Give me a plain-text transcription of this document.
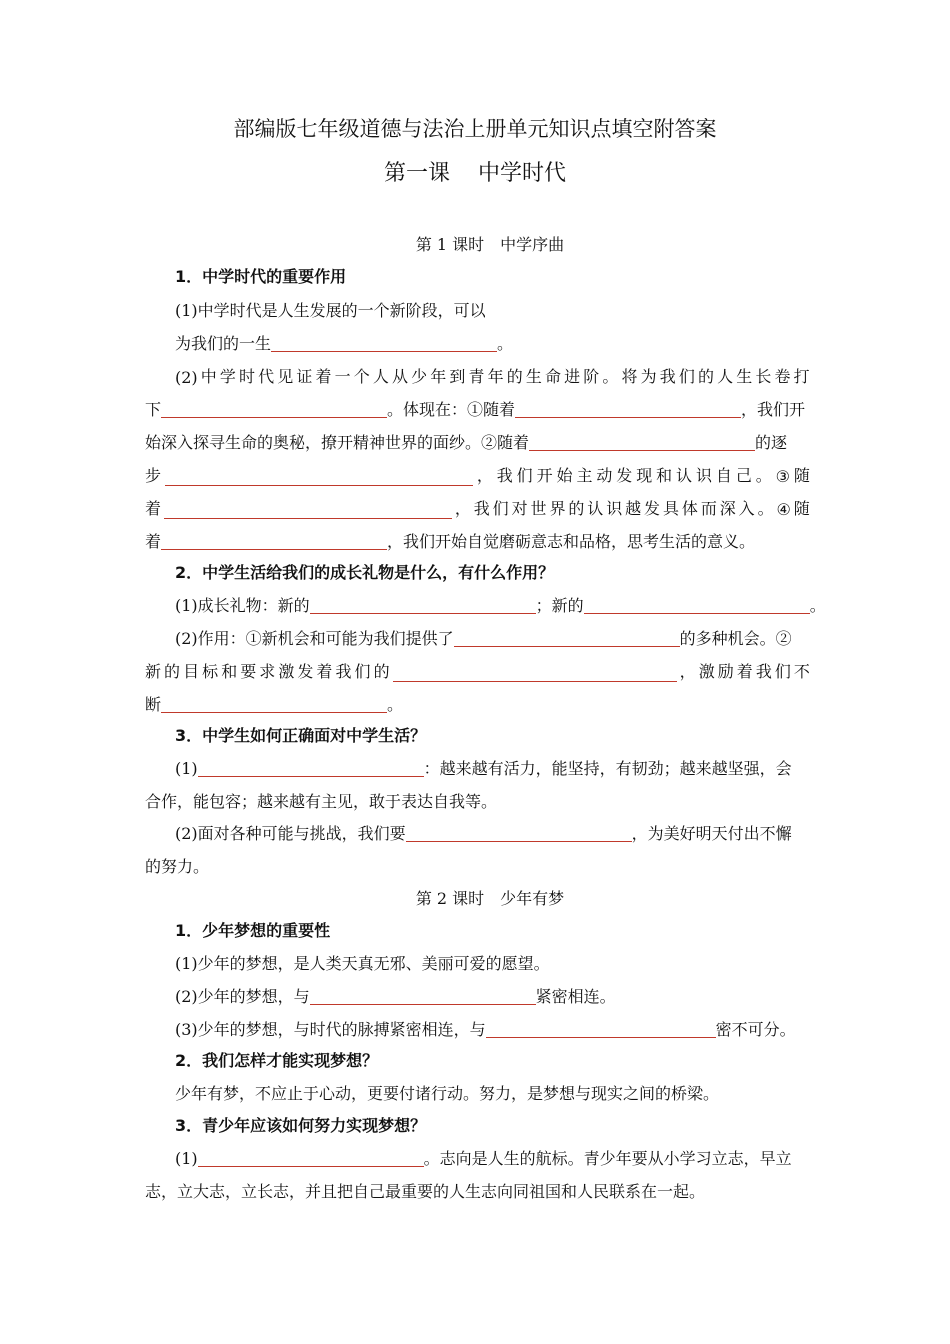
部编版七年级道德与法治上册单元知识点填空附答案
第一课 中学时代
第 1 课时 中学序曲
1．中学时代的重要作用
(1)中学时代是人生发展的一个新阶段，可以
为我们的一生	。
(2) 中 学 时 代 见 证 着 一 个 人 从 少 年 到 青 年 的 生 命 进 阶 。 将 为 我 们 的 人 生 长 卷 打
下	。体现在：①随着	，我们开
始深入探寻生命的奥秘，撩开精神世界的面纱。②随着	的逐
步	， 我 们 开 始 主 动 发 现 和 认 识 自 己 。 ③ 随
着	， 我 们 对 世 界 的 认 识 越 发 具 体 而 深 入 。 ④ 随
着	，我们开始自觉磨砺意志和品格，思考生活的意义。
2．中学生活给我们的成长礼物是什么，有什么作用？
(1)成长礼物：新的	；新的	。
(2)作用：①新机会和可能为我们提供了	的多种机会。②
新 的 目 标 和 要 求 激 发 着 我 们 的	， 激 励 着 我 们 不
断	。
3．中学生如何正确面对中学生活？
(1)	：越来越有活力，能坚持，有韧劲；越来越坚强，会
合作，能包容；越来越有主见，敢于表达自我等。
(2)面对各种可能与挑战，我们要	，为美好明天付出不懈
的努力。
第 2 课时 少年有梦
1．少年梦想的重要性
(1)少年的梦想，是人类天真无邪、美丽可爱的愿望。
(2)少年的梦想，与	紧密相连。
(3)少年的梦想，与时代的脉搏紧密相连，与	密不可分。
2．我们怎样才能实现梦想？
少年有梦，不应止于心动，更要付诸行动。努力，是梦想与现实之间的桥梁。
3．青少年应该如何努力实现梦想？
(1)	。志向是人生的航标。青少年要从小学习立志，早立
志，立大志，立长志，并且把自己最重要的人生志向同祖国和人民联系在一起。
